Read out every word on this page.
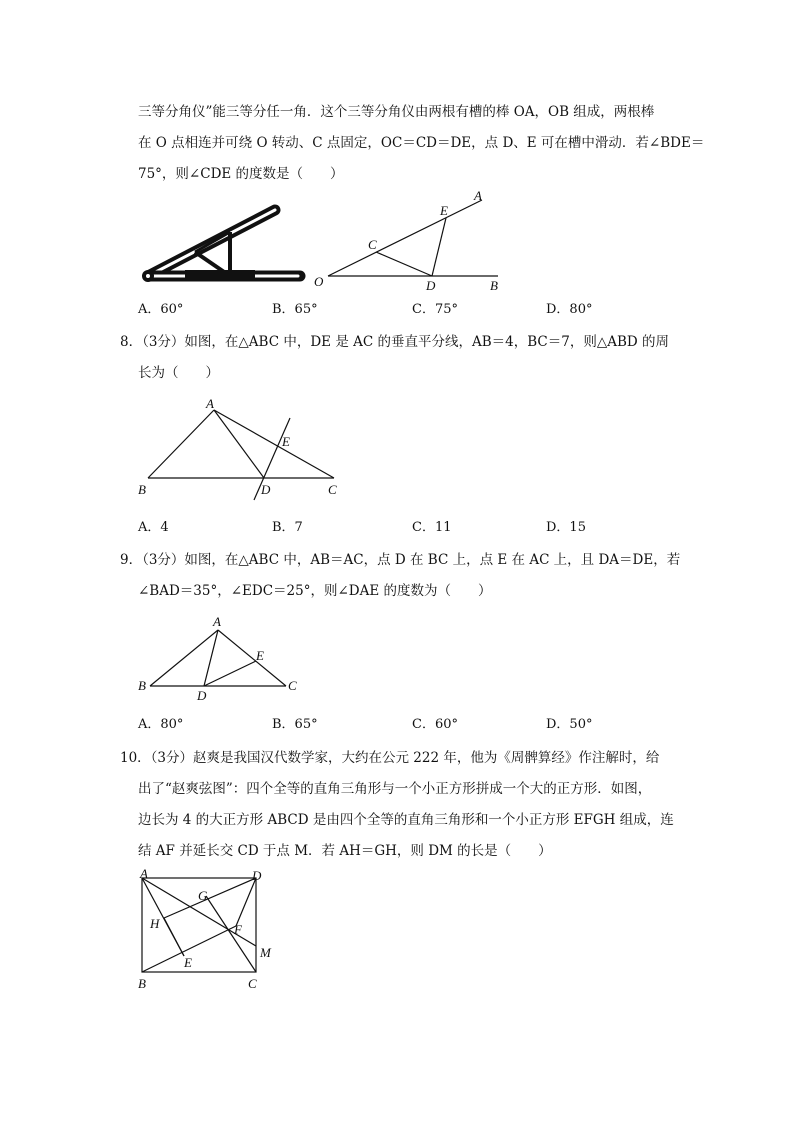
三等分角仪”能三等分任一角．这个三等分角仪由两根有槽的棒 OA，OB 组成，两根棒
在 O 点相连并可绕 O 转动、C 点固定，OC＝CD＝DE，点 D、E 可在槽中滑动．若∠BDE＝
75°，则∠CDE 的度数是（　　）
A
E
C
O	D	B
A．60°	B．65°	C．75°	D．80°
8．（3分）如图，在△ABC 中，DE 是 AC 的垂直平分线，AB＝4，BC＝7，则△ABD 的周
长为（　　）
A
E
B	D	C
A．4	B．7	C．11	D．15
9．（3分）如图，在△ABC 中，AB＝AC，点 D 在 BC 上，点 E 在 AC 上，且 DA＝DE，若
∠BAD＝35°，∠EDC＝25°，则∠DAE 的度数为（　　）
A
E
B
D
C
A．80°	B．65°	C．60°	D．50°
10．（3分）赵爽是我国汉代数学家，大约在公元 222 年，他为《周髀算经》作注解时，给
出了“赵爽弦图”：四个全等的直角三角形与一个小正方形拼成一个大的正方形．如图，
边长为 4 的大正方形 ABCD 是由四个全等的直角三角形和一个小正方形 EFGH 组成，连
结 AF 并延长交 CD 于点 M．若 AH＝GH，则 DM 的长是（　　）
A	D
G
H	F
M
E
B	C
